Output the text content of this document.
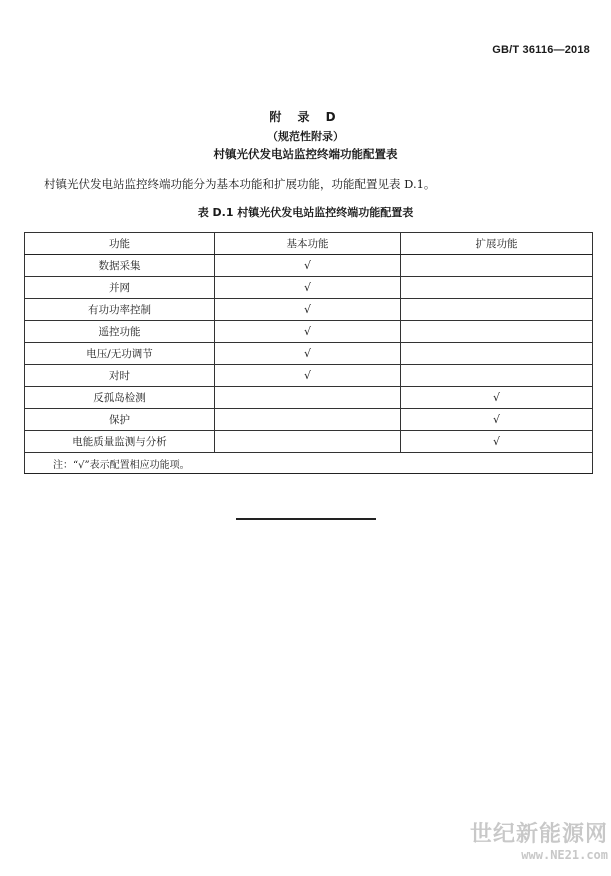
GB/T 36116—2018
附 录 D
（规范性附录）
村镇光伏发电站监控终端功能配置表
村镇光伏发电站监控终端功能分为基本功能和扩展功能，功能配置见表 D.1。
表 D.1 村镇光伏发电站监控终端功能配置表
功能	基本功能	扩展功能
数据采集	√	
并网	√	
有功功率控制	√	
遥控功能	√	
电压/无功调节	√	
对时	√	
反孤岛检测		√
保护		√
电能质量监测与分析		√
注：“√”表示配置相应功能项。		
世纪新能源网
www.NE21.com
